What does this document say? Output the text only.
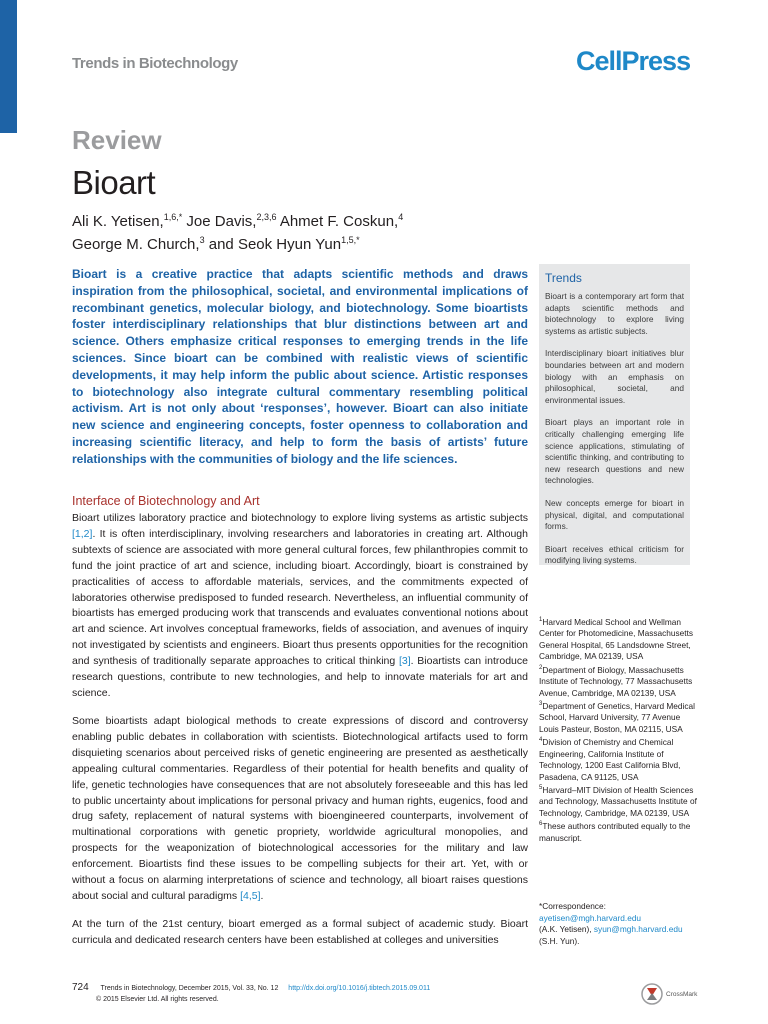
Trends in Biotechnology	CellPress
Review
Bioart
Ali K. Yetisen,$^{1,6,*}$ Joe Davis,$^{2,3,6}$ Ahmet F. Coskun,$^4$
George M. Church,$^3$ and Seok Hyun Yun$^{1,5,*}$
Bioart is a creative practice that adapts scientific methods and draws inspiration from the philosophical, societal, and environmental implications of recombinant genetics, molecular biology, and biotechnology. Some bioartists foster interdisciplinary relationships that blur distinctions between art and science. Others emphasize critical responses to emerging trends in the life sciences. Since bioart can be combined with realistic views of scientific developments, it may help inform the public about science. Artistic responses to biotechnology also integrate cultural commentary resembling political activism. Art is not only about ‘responses’, however. Bioart can also initiate new science and engineering concepts, foster openness to collaboration and increasing scientific literacy, and help to form the basis of artists’ future relationships with the communities of biology and the life sciences.
Trends

Bioart is a contemporary art form that adapts scientific methods and biotechnology to explore living systems as artistic subjects.

Interdisciplinary bioart initiatives blur boundaries between art and modern biology with an emphasis on philosophical, societal, and environmental issues.

Bioart plays an important role in critically challenging emerging life science applications, stimulating of scientific thinking, and contributing to new research questions and new technologies.

New concepts emerge for bioart in physical, digital, and computational forms.

Bioart receives ethical criticism for modifying living systems.

Interface of Biotechnology and Art
Bioart utilizes laboratory practice and biotechnology to explore living systems as artistic subjects [1,2]. It is often interdisciplinary, involving researchers and laboratories in creating art. Although subtexts of science are associated with more general cultural forces, few philanthropies commit to fund the joint practice of art and science, including bioart. Accordingly, bioart is constrained by practicalities of access to affordable materials, services, and the commitments expected of laboratories otherwise predisposed to funded research. Nevertheless, an influential community of bioartists has emerged producing work that transcends and evaluates conventional notions about art and science. Art involves conceptual frameworks, fields of association, and avenues of inquiry not investigated by scientists and engineers. Bioart thus presents opportunities for the recognition and synthesis of traditionally separate approaches to critical thinking [3]. Bioartists can introduce research questions, contribute to new technologies, and help to innovate materials for art and science.
Some bioartists adapt biological methods to create expressions of discord and controversy enabling public debates in collaboration with scientists. Biotechnological artifacts used to form disquieting scenarios about perceived risks of genetic engineering are presented as aesthetically appealing cultural commentaries. Regardless of their potential for health benefits and quality of life, genetic technologies have consequences that are not absolutely foreseeable and this has led to public uncertainty about implications for personal privacy and human rights, eugenics, food and drug safety, replacement of natural systems with bioengineered counterparts, involvement of multinational corporations with genetic propriety, worldwide agricultural monopolies, and prospects for the weaponization of biotechnological accessories for the military and law enforcement. Bioartists find these issues to be compelling subjects for their art. Yet, with or without a focus on alarming interpretations of science and technology, all bioart raises questions about social and cultural paradigms [4,5].
At the turn of the 21st century, bioart emerged as a formal subject of academic study. Bioart curricula and dedicated research centers have been established at colleges and universities
$^1$Harvard Medical School and Wellman Center for Photomedicine, Massachusetts General Hospital, 65 Landsdowne Street, Cambridge, MA 02139, USA
$^2$Department of Biology, Massachusetts Institute of Technology, 77 Massachusetts Avenue, Cambridge, MA 02139, USA
$^3$Department of Genetics, Harvard Medical School, Harvard University, 77 Avenue Louis Pasteur, Boston, MA 02115, USA
$^4$Division of Chemistry and Chemical Engineering, California Institute of Technology, 1200 East California Blvd, Pasadena, CA 91125, USA
$^5$Harvard–MIT Division of Health Sciences and Technology, Massachusetts Institute of Technology, Cambridge, MA 02139, USA
$^6$These authors contributed equally to the manuscript.
*Correspondence:
ayetisen@mgh.harvard.edu
(A.K. Yetisen), syun@mgh.harvard.edu
(S.H. Yun).
724 Trends in Biotechnology, December 2015, Vol. 33, No. 12 http://dx.doi.org/10.1016/j.tibtech.2015.09.011
© 2015 Elsevier Ltd. All rights reserved.
CrossMark
